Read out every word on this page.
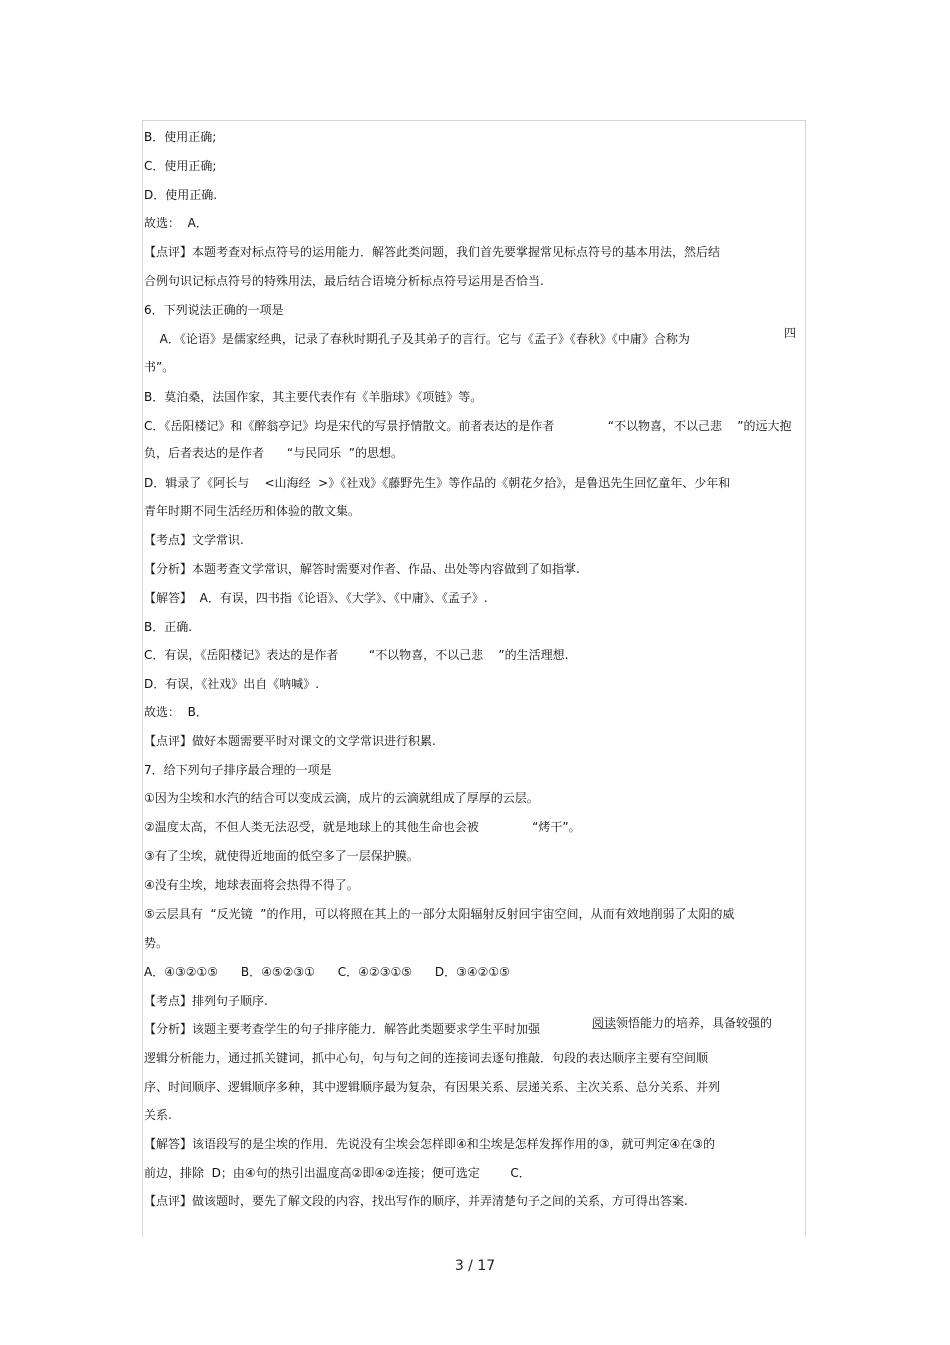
B．使用正确;
C．使用正确;
D．使用正确.
故选：  A．
【点评】本题考查对标点符号的运用能力．解答此类问题，我们首先要掌握常见标点符号的基本用法，然后结
合例句识记标点符号的特殊用法，最后结合语境分析标点符号运用是否恰当.
6．下列说法正确的一项是
A．《论语》是儒家经典，记录了春秋时期孔子及其弟子的言行。它与《孟子》《春秋》《中庸》合称为
书”。
B．莫泊桑，法国作家，其主要代表作有《羊脂球》《项链》等。
C．《岳阳楼记》和《醉翁亭记》均是宋代的写景抒情散文。前者表达的是作者              “不以物喜，不以己悲    ”的远大抱
负，后者表达的是作者      “与民同乐  ”的思想。
D．辑录了《阿长与    <山海经  >》《社戏》《藤野先生》等作品的《朝花夕拾》，是鲁迅先生回忆童年、少年和
青年时期不同生活经历和体验的散文集。
【考点】文学常识.
【分析】本题考查文学常识，解答时需要对作者、作品、出处等内容做到了如指掌.
【解答】  A．有误，四书指《论语》、《大学》、《中庸》、《孟子》.
B．正确.
C．有误，《岳阳楼记》表达的是作者        “不以物喜，不以己悲    ”的生活理想.
D．有误，《社戏》出自《呐喊》.
故选：  B．
【点评】做好本题需要平时对课文的文学常识进行积累.
7．给下列句子排序最合理的一项是
①因为尘埃和水汽的结合可以变成云滴，成片的云滴就组成了厚厚的云层。
②温度太高，不但人类无法忍受，就是地球上的其他生命也会被              “烤干”。
③有了尘埃，就使得近地面的低空多了一层保护膜。
④没有尘埃，地球表面将会热得不得了。
⑤云层具有  “反光镜  ”的作用，可以将照在其上的一部分太阳辐射反射回宇宙空间，从而有效地削弱了太阳的威
势。
A．④③②①⑤      B．④⑤②③①      C．④②③①⑤      D．③④②①⑤
【考点】排列句子顺序.
【分析】该题主要考查学生的句子排序能力．解答此类题要求学生平时加强
逻辑分析能力，通过抓关键词，抓中心句，句与句之间的连接词去逐句推敲．句段的表达顺序主要有空间顺
序、时间顺序、逻辑顺序多种，其中逻辑顺序最为复杂，有因果关系、层递关系、主次关系、总分关系、并列
关系.
【解答】该语段写的是尘埃的作用．先说没有尘埃会怎样即④和尘埃是怎样发挥作用的③，就可判定④在③的
前边，排除  D；由④句的热引出温度高②即④②连接；便可选定        C．
【点评】做该题时，要先了解文段的内容，找出写作的顺序，并弄清楚句子之间的关系，方可得出答案.
四
阅读领悟能力的培养，具备较强的
3 / 17
